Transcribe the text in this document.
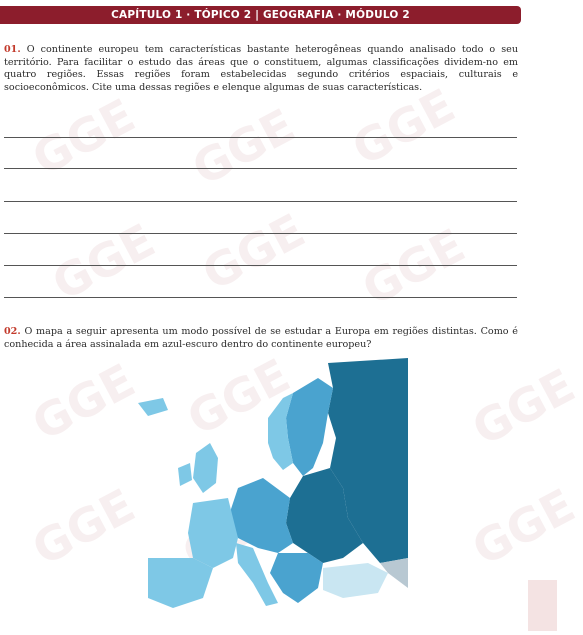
GGE GGE GGE
GGE GGE GGE
GGE GGE	GGE
GGE	GGE
CAPÍTULO 1 · TÓPICO 2 | GEOGRAFIA · MÓDULO 2

01. O continente europeu tem características bastante heterogêneas quando analisado todo o seu território. Para facilitar o estudo das áreas que o constituem, algumas classificações dividem-no em quatro regiões. Essas regiões foram estabelecidas segundo critérios espaciais, culturais e socioeconômicos. Cite uma dessas regiões e elenque algumas de suas características.

02. O mapa a seguir apresenta um modo possível de se estudar a Europa em regiões distintas. Como é conhecida a área assinalada em azul-escuro dentro do continente europeu?
